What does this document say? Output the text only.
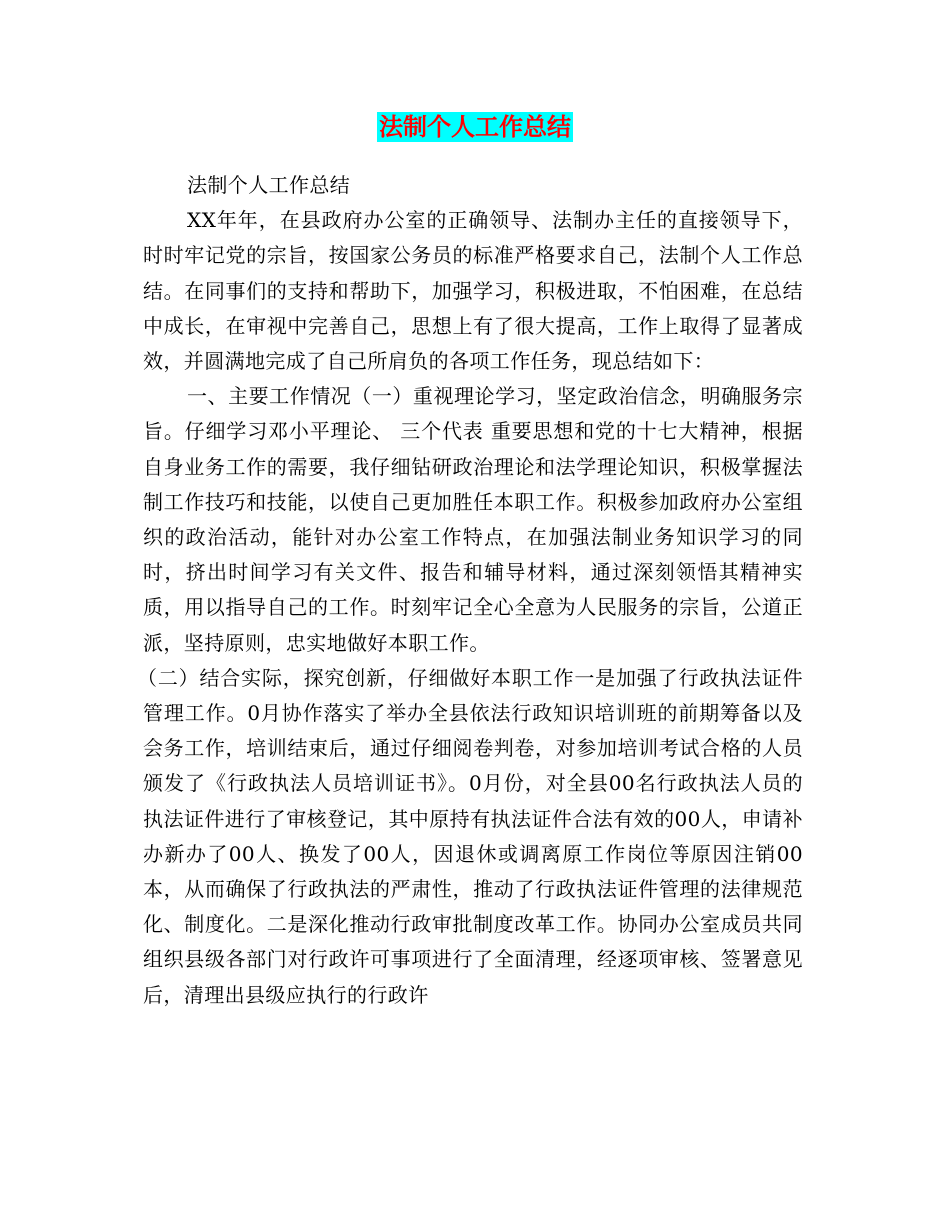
法制个人工作总结

法制个人工作总结

XX年年，在县政府办公室的正确领导、法制办主任的直接领导下，时时牢记党的宗旨，按国家公务员的标准严格要求自己，法制个人工作总结。在同事们的支持和帮助下，加强学习，积极进取，不怕困难，在总结中成长，在审视中完善自己，思想上有了很大提高，工作上取得了显著成效，并圆满地完成了自己所肩负的各项工作任务，现总结如下：

一、主要工作情况（一）重视理论学习，坚定政治信念，明确服务宗旨。仔细学习邓小平理论、 三个代表 重要思想和党的十七大精神，根据自身业务工作的需要，我仔细钻研政治理论和法学理论知识，积极掌握法制工作技巧和技能，以使自己更加胜任本职工作。积极参加政府办公室组织的政治活动，能针对办公室工作特点，在加强法制业务知识学习的同时，挤出时间学习有关文件、报告和辅导材料，通过深刻领悟其精神实质，用以指导自己的工作。时刻牢记全心全意为人民服务的宗旨，公道正派，坚持原则，忠实地做好本职工作。

（二）结合实际，探究创新，仔细做好本职工作一是加强了行政执法证件管理工作。0月协作落实了举办全县依法行政知识培训班的前期筹备以及会务工作，培训结束后，通过仔细阅卷判卷，对参加培训考试合格的人员颁发了《行政执法人员培训证书》。0月份，对全县00名行政执法人员的执法证件进行了审核登记，其中原持有执法证件合法有效的00人，申请补办新办了00人、换发了00人，因退休或调离原工作岗位等原因注销00本，从而确保了行政执法的严肃性，推动了行政执法证件管理的法律规范化、制度化。二是深化推动行政审批制度改革工作。协同办公室成员共同组织县级各部门对行政许可事项进行了全面清理，经逐项审核、签署意见后，清理出县级应执行的行政许
